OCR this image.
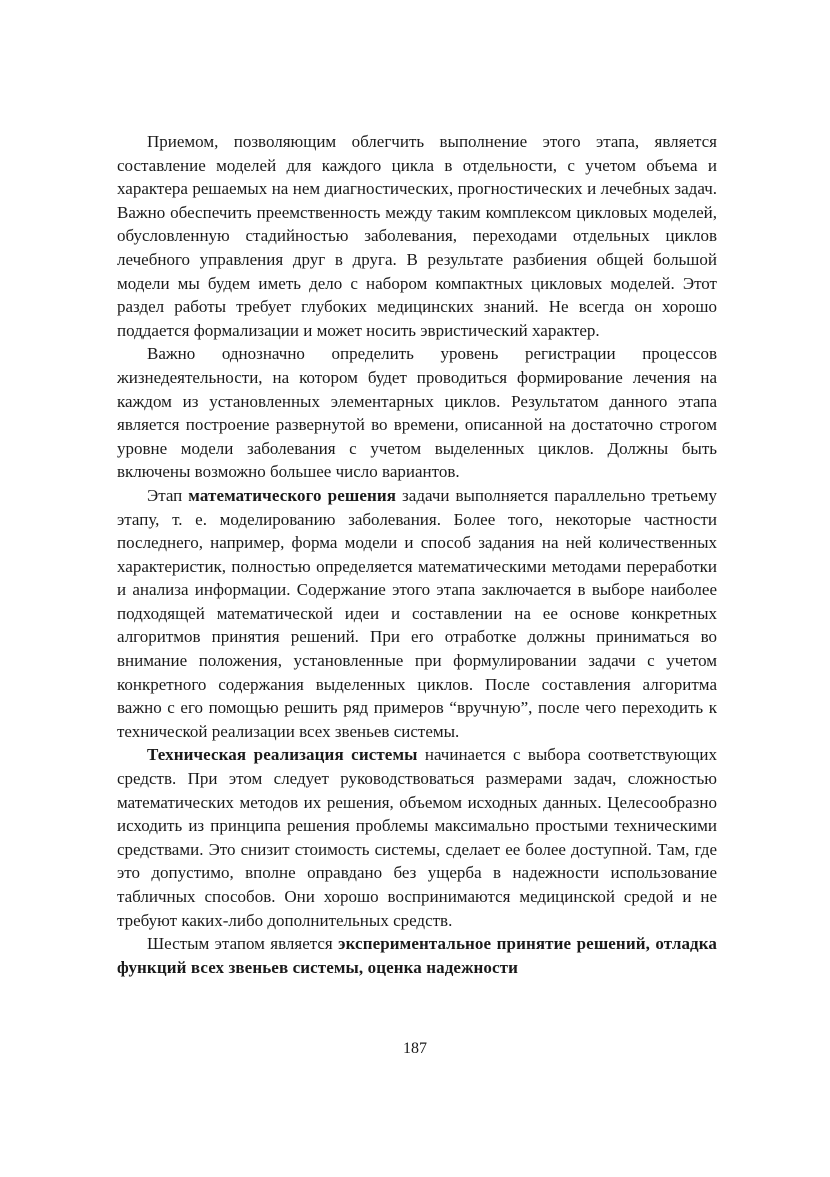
Приемом, позволяющим облегчить выполнение этого этапа, является составление моделей для каждого цикла в отдельности, с учетом объема и характера решаемых на нем диагностических, прогностических и лечебных задач. Важно обеспечить преемственность между таким комплексом цикловых моделей, обусловленную стадийностью заболевания, переходами отдельных циклов лечебного управления друг в друга. В результате разбиения общей большой модели мы будем иметь дело с набором компактных цикловых моделей. Этот раздел работы требует глубоких медицинских знаний. Не всегда он хорошо поддается формализации и может носить эвристический характер.

Важно однозначно определить уровень регистрации процессов жизнедеятельности, на котором будет проводиться формирование лечения на каждом из установленных элементарных циклов. Результатом данного этапа является построение развернутой во времени, описанной на достаточно строгом уровне модели заболевания с учетом выделенных циклов. Должны быть включены возможно большее число вариантов.

Этап математического решения задачи выполняется параллельно третьему этапу, т. е. моделированию заболевания. Более того, некоторые частности последнего, например, форма модели и способ задания на ней количественных характеристик, полностью определяется математическими методами переработки и анализа информации. Содержание этого этапа заключается в выборе наиболее подходящей математической идеи и составлении на ее основе конкретных алгоритмов принятия решений. При его отработке должны приниматься во внимание положения, установленные при формулировании задачи с учетом конкретного содержания выделенных циклов. После составления алгоритма важно с его помощью решить ряд примеров “вручную”, после чего переходить к технической реализации всех звеньев системы.

Техническая реализация системы начинается с выбора соответствующих средств. При этом следует руководствоваться размерами задач, сложностью математических методов их решения, объемом исходных данных. Целесообразно исходить из принципа решения проблемы максимально простыми техническими средствами. Это снизит стоимость системы, сделает ее более доступной. Там, где это допустимо, вполне оправдано без ущерба в надежности использование табличных способов. Они хорошо воспринимаются медицинской средой и не требуют каких-либо дополнительных средств.

Шестым этапом является экспериментальное принятие решений, отладка функций всех звеньев системы, оценка надежности

187
